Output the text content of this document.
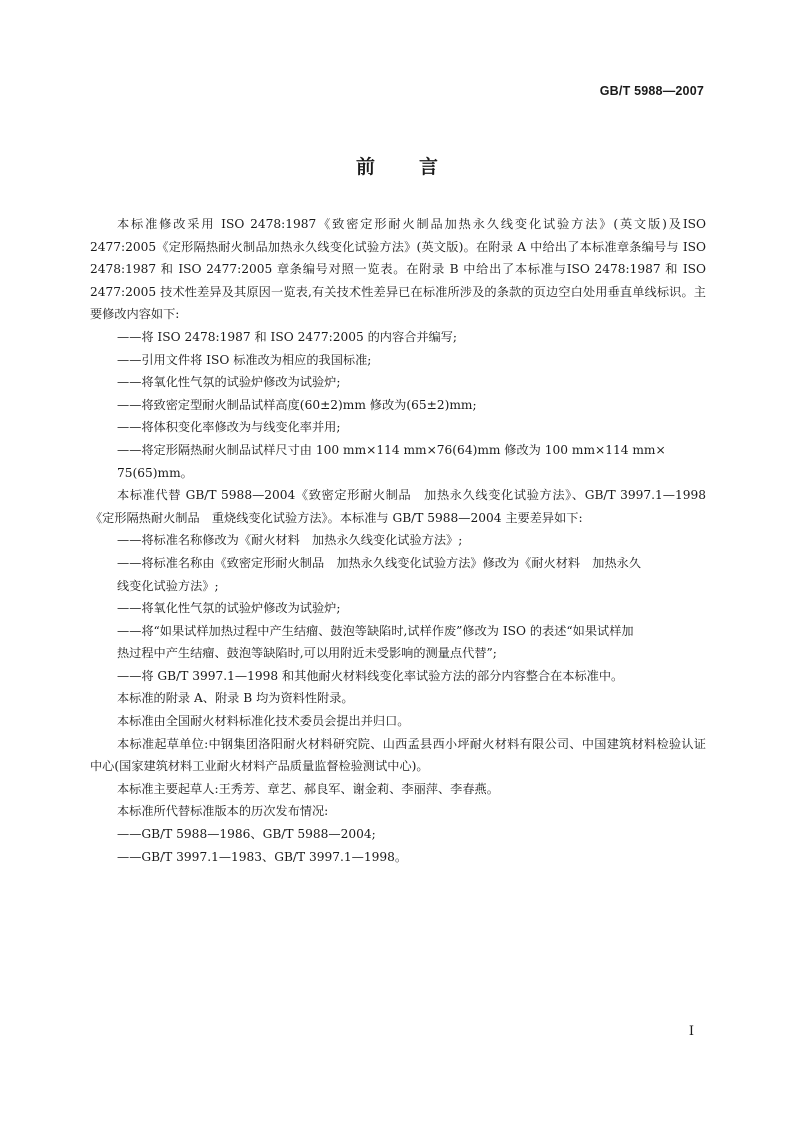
GB/T 5988—2007
前 言

本标准修改采用 ISO 2478:1987《致密定形耐火制品加热永久线变化试验方法》(英文版)及ISO 2477:2005《定形隔热耐火制品加热永久线变化试验方法》(英文版)。在附录 A 中给出了本标准章条编号与 ISO 2478:1987 和 ISO 2477:2005 章条编号对照一览表。在附录 B 中给出了本标准与ISO 2478:1987 和 ISO 2477:2005 技术性差异及其原因一览表,有关技术性差异已在标准所涉及的条款的页边空白处用垂直单线标识。主要修改内容如下:

——将 ISO 2478:1987 和 ISO 2477:2005 的内容合并编写;

——引用文件将 ISO 标准改为相应的我国标准;

——将氧化性气氛的试验炉修改为试验炉;

——将致密定型耐火制品试样高度(60±2)mm 修改为(65±2)mm;

——将体积变化率修改为与线变化率并用;

——将定形隔热耐火制品试样尺寸由 100 mm×114 mm×76(64)mm 修改为 100 mm×114 mm×

75(65)mm。

本标准代替 GB/T 5988—2004《致密定形耐火制品　加热永久线变化试验方法》、GB/T 3997.1—1998《定形隔热耐火制品　重烧线变化试验方法》。本标准与 GB/T 5988—2004 主要差异如下:

——将标准名称修改为《耐火材料　加热永久线变化试验方法》;

——将标准名称由《致密定形耐火制品　加热永久线变化试验方法》修改为《耐火材料　加热永久

线变化试验方法》;

——将氧化性气氛的试验炉修改为试验炉;

——将“如果试样加热过程中产生结瘤、鼓泡等缺陷时,试样作废”修改为 ISO 的表述“如果试样加

热过程中产生结瘤、鼓泡等缺陷时,可以用附近未受影响的测量点代替”;

——将 GB/T 3997.1—1998 和其他耐火材料线变化率试验方法的部分内容整合在本标准中。

本标准的附录 A、附录 B 均为资料性附录。

本标准由全国耐火材料标准化技术委员会提出并归口。

本标准起草单位:中钢集团洛阳耐火材料研究院、山西孟县西小坪耐火材料有限公司、中国建筑材料检验认证中心(国家建筑材料工业耐火材料产品质量监督检验测试中心)。

本标准主要起草人:王秀芳、章艺、郝良军、谢金莉、李丽萍、李春燕。

本标准所代替标准版本的历次发布情况:

——GB/T 5988—1986、GB/T 5988—2004;

——GB/T 3997.1—1983、GB/T 3997.1—1998。

I
